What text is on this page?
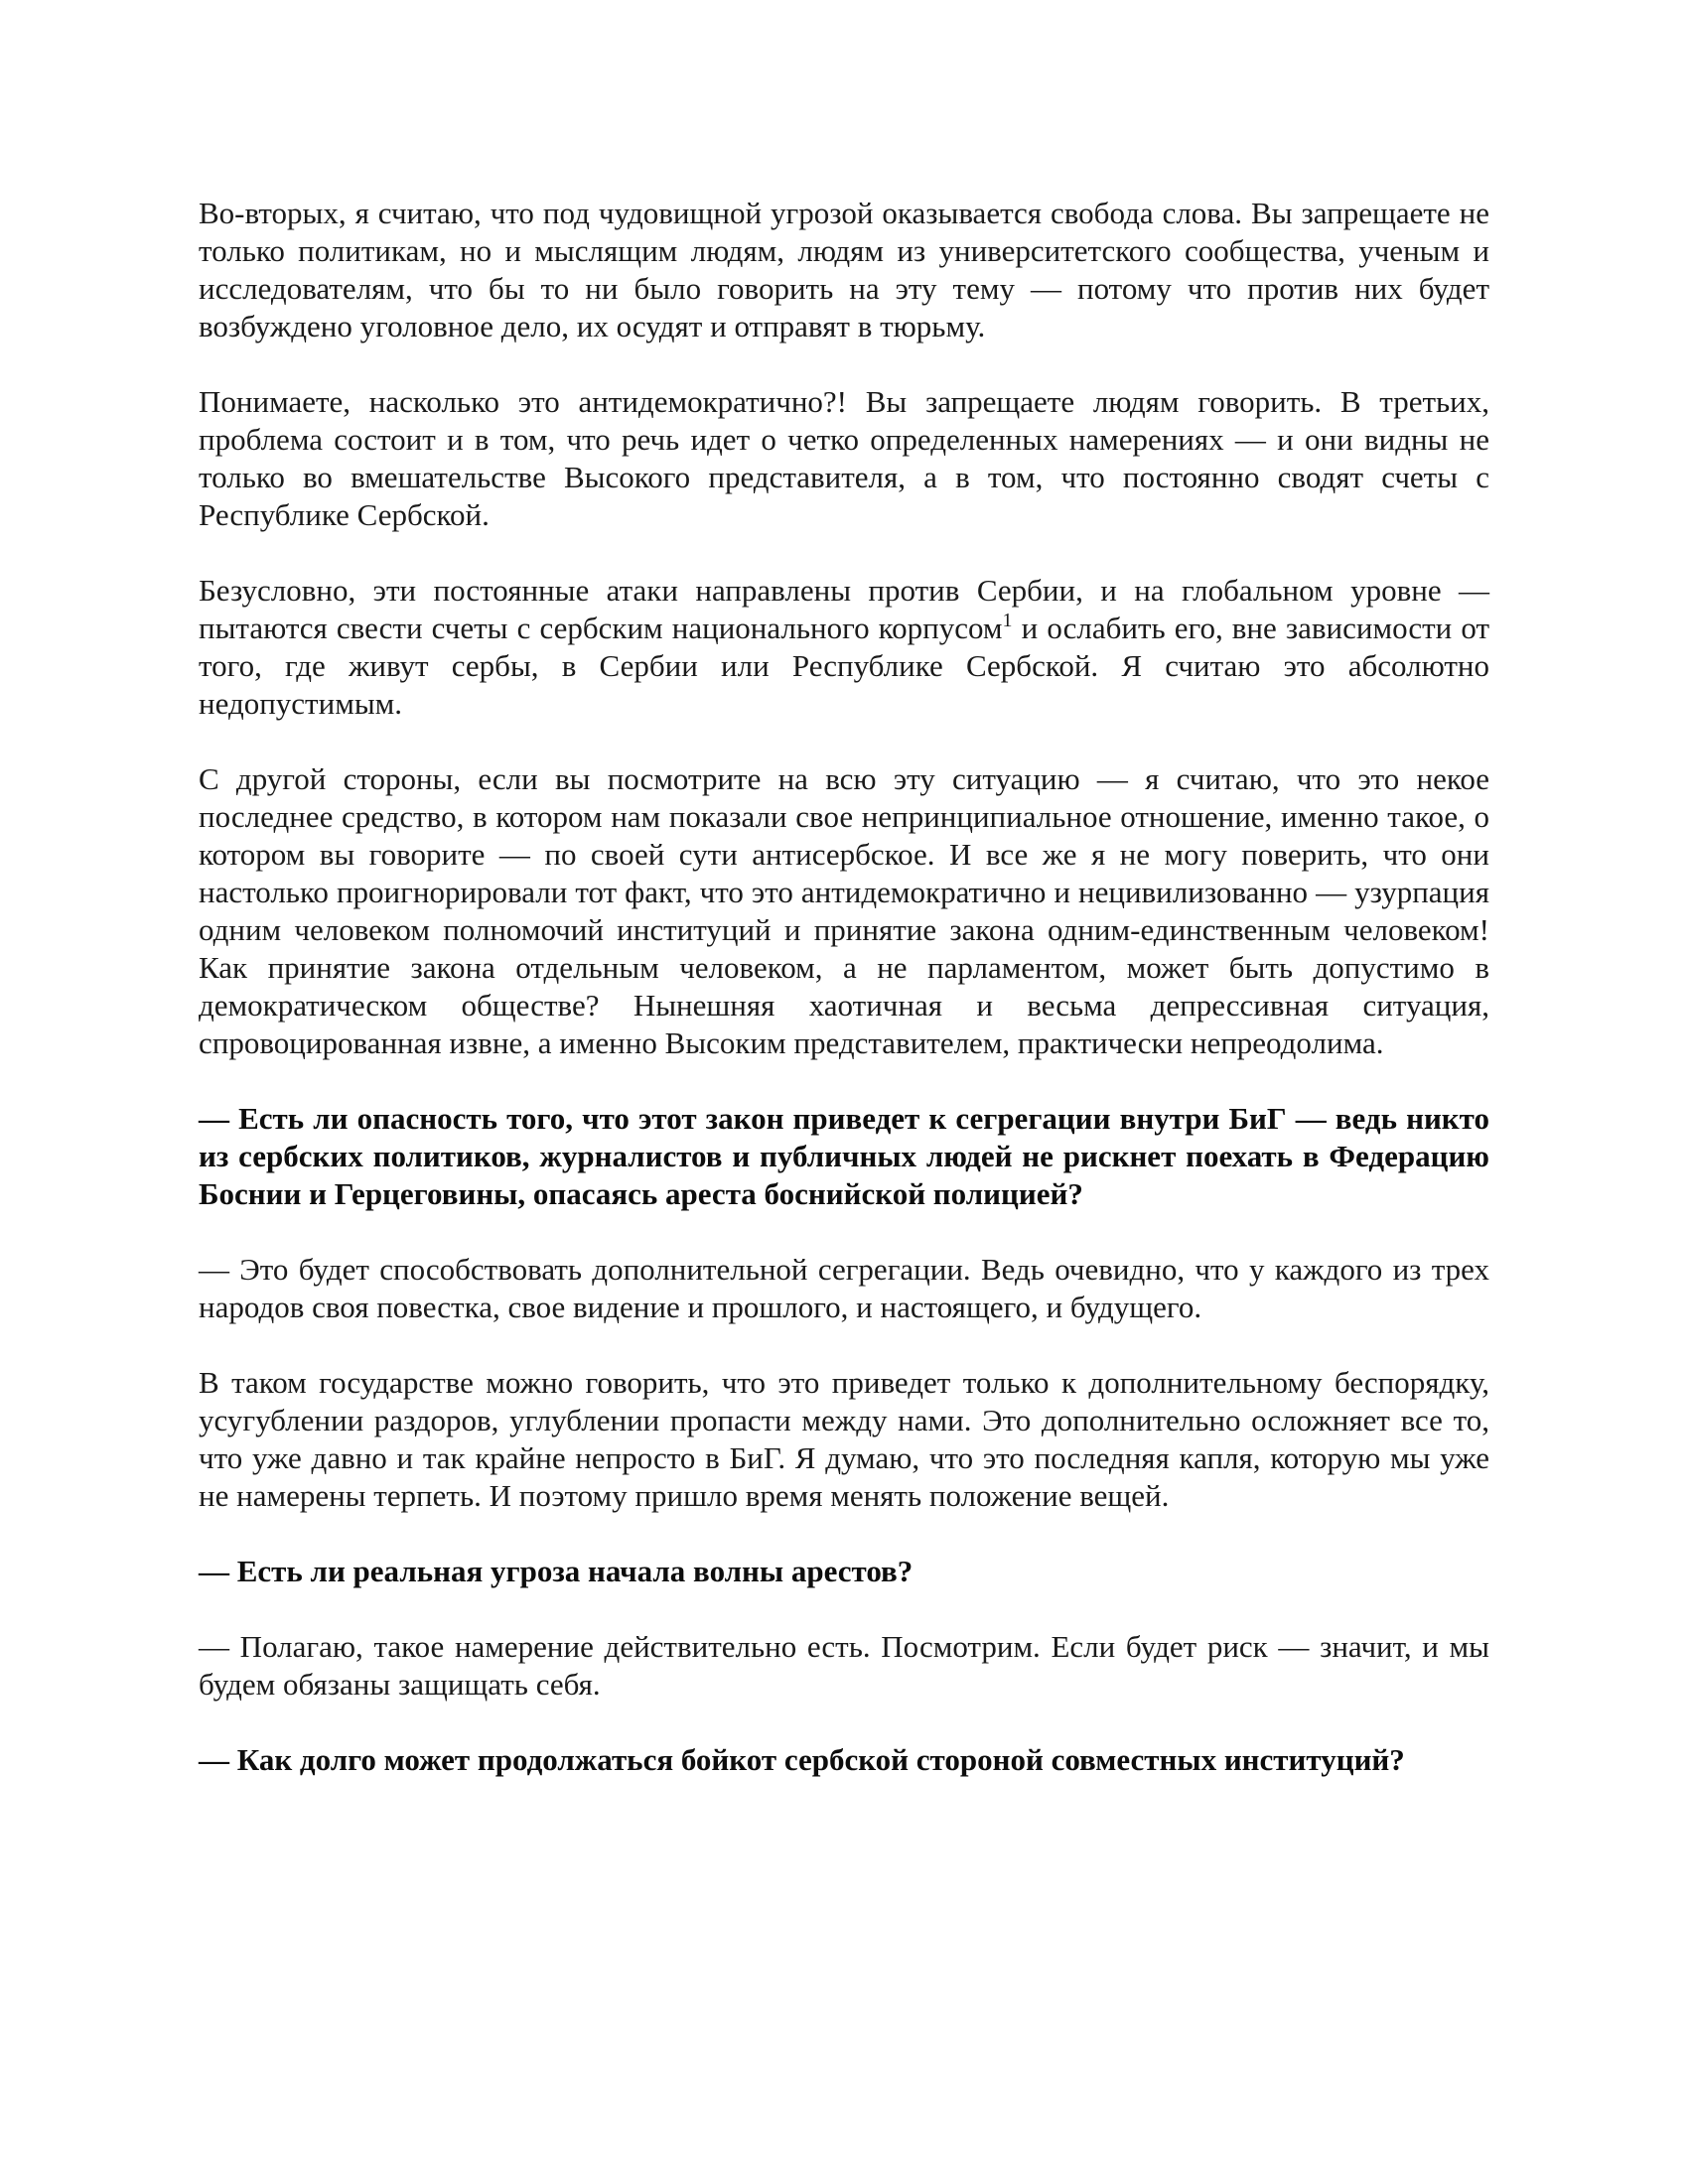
Во-вторых, я считаю, что под чудовищной угрозой оказывается свобода слова. Вы запрещаете не только политикам, но и мыслящим людям, людям из университетского сообщества, ученым и исследователям, что бы то ни было говорить на эту тему — потому что против них будет возбуждено уголовное дело, их осудят и отправят в тюрьму.

Понимаете, насколько это антидемократично?! Вы запрещаете людям говорить. В третьих, проблема состоит и в том, что речь идет о четко определенных намерениях — и они видны не только во вмешательстве Высокого представителя, а в том, что постоянно сводят счеты с Республике Сербской.

Безусловно, эти постоянные атаки направлены против Сербии, и на глобальном уровне — пытаются свести счеты с сербским национального корпусом$^1$ и ослабить его, вне зависимости от того, где живут сербы, в Сербии или Республике Сербской. Я считаю это абсолютно недопустимым.

С другой стороны, если вы посмотрите на всю эту ситуацию — я считаю, что это некое последнее средство, в котором нам показали свое непринципиальное отношение, именно такое, о котором вы говорите — по своей сути антисербское. И все же я не могу поверить, что они настолько проигнорировали тот факт, что это антидемократично и нецивилизованно — узурпация одним человеком полномочий институций и принятие закона одним-единственным человеком! Как принятие закона отдельным человеком, а не парламентом, может быть допустимо в демократическом обществе? Нынешняя хаотичная и весьма депрессивная ситуация, спровоцированная извне, а именно Высоким представителем, практически непреодолима.

— Есть ли опасность того, что этот закон приведет к сегрегации внутри БиГ — ведь никто из сербских политиков, журналистов и публичных людей не рискнет поехать в Федерацию Боснии и Герцеговины, опасаясь ареста боснийской полицией?

— Это будет способствовать дополнительной сегрегации. Ведь очевидно, что у каждого из трех народов своя повестка, свое видение и прошлого, и настоящего, и будущего.

В таком государстве можно говорить, что это приведет только к дополнительному беспорядку, усугублении раздоров, углублении пропасти между нами. Это дополнительно осложняет все то, что уже давно и так крайне непросто в БиГ. Я думаю, что это последняя капля, которую мы уже не намерены терпеть. И поэтому пришло время менять положение вещей.

— Есть ли реальная угроза начала волны арестов?

— Полагаю, такое намерение действительно есть. Посмотрим. Если будет риск — значит, и мы будем обязаны защищать себя.

— Как долго может продолжаться бойкот сербской стороной совместных институций?
